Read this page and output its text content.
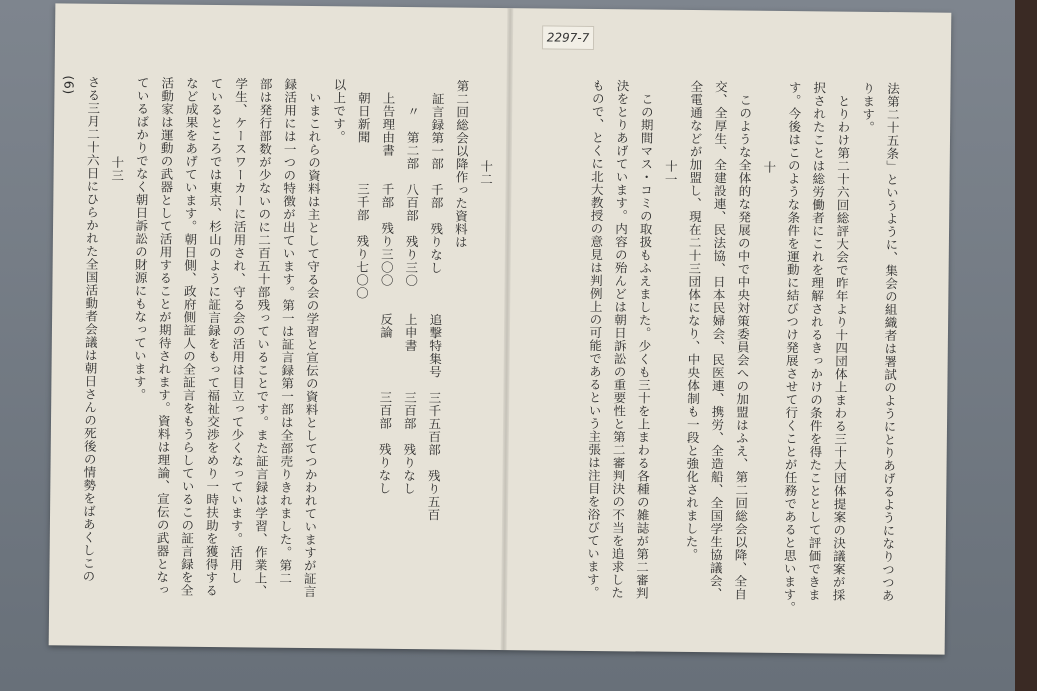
2297-7

法第二十五条」というように、集会の組織者は署試のようにとりあげるようになりつつあ

ります。

　とりわけ第二十六回総評大会で昨年より十四団体上まわる三十大団体提案の決議案が採

択されたことは総労働者にこれを理解されるきっかけの条件を得たこととして評価できま

す。今後はこのような条件を運動に結びつけ発展させて行くことが任務であると思います。

十

　このような全体的な発展の中で中央対策委員会への加盟はふえ、第二回総会以降、全自

交、全厚生、全建設連、民法協、日本民婦会、民医連、携労、全造船、全国学生協議会、

全電通などが加盟し、現在二十三団体になり、中央体制も一段と強化されました。

十一

　この期間マス・コミの取扱もふえました。少くも三十を上まわる各種の雑誌が第二審判

決をとりあげています。内容の殆んどは朝日訴訟の重要性と第二審判決の不当を追求した

もので、とくに北大教授の意見は判例上の可能であるという主張は注目を浴びています。

十二

第二回総会以降作った資料は

　証言録第一部　千部　残りなし　　　追撃特集号　三千五百部　残り五百

　　〃　第二部　八百部　残り三〇　　上申書　　　三百部　残りなし

　上告理由書　　千部　残り三〇〇　　反論　　　　三百部　残りなし

　朝日新聞　　　三千部　残り七〇〇

以上です。

　いまこれらの資料は主として守る会の学習と宣伝の資料としてつかわれていますが証言

録活用には一つの特徴が出ています。第一は証言録第一部は全部売りきれました。第二

部は発行部数が少ないのに二百五十部残っていることです。また証言録は学習、作業上、

学生、ケースワーカーに活用され、守る会の活用は目立って少くなっています。活用し

ているところでは東京、杉山のように証言録をもって福祉交渉をめり一時扶助を獲得する

など成果をあげています。朝日側、政府側証人の全証言をもうらしているこの証言録を全

活動家は運動の武器として活用することが期待されます。資料は理論、宣伝の武器となっ

ているばかりでなく朝日訴訟の財源にもなっています。

十三

さる三月二十六日にひらかれた全国活動者会議は朝日さんの死後の情勢をばあくしこの

(6)
